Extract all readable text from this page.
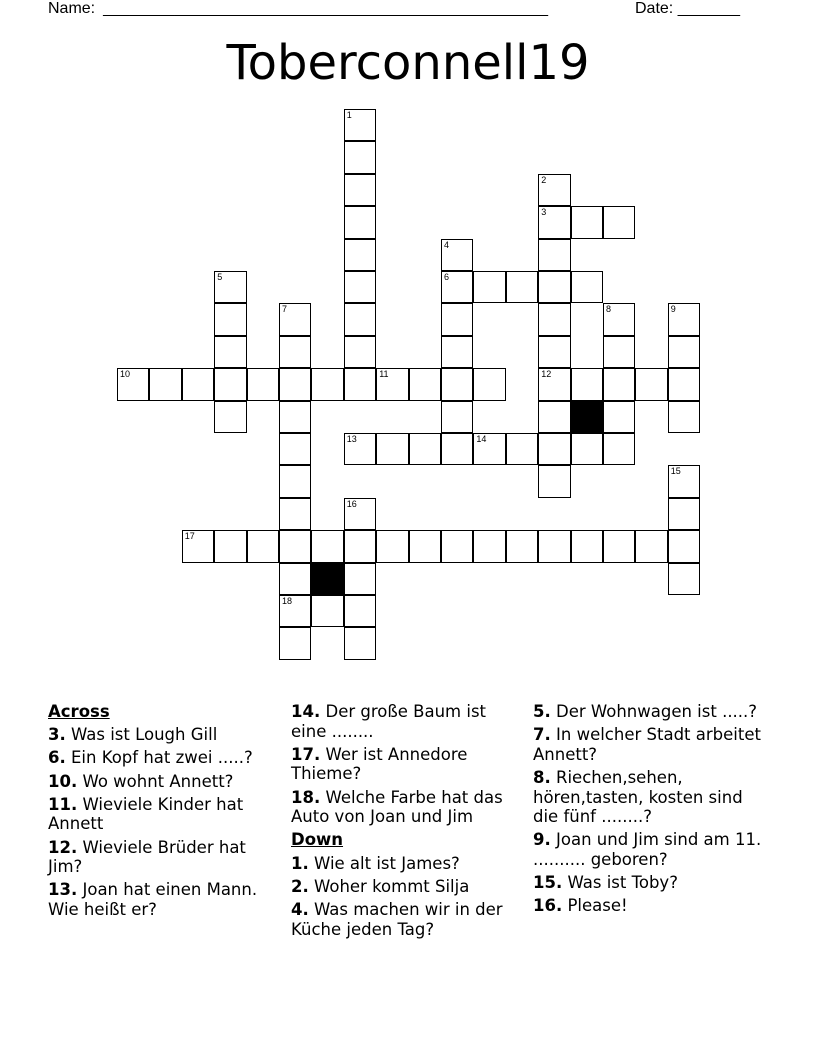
Name: __________________________________________________	Date: _______
Toberconnell19
1
2
3
12
4
6
5
7
18
8	9
10	11
13	14
15
16
17
Across
3. Was ist Lough Gill
6. Ein Kopf hat zwei .....?
10. Wo wohnt Annett?
11. Wieviele Kinder hat Annett
12. Wieviele Brüder hat Jim?
13. Joan hat einen Mann. Wie heißt er?
14. Der große Baum ist eine ........
17. Wer ist Annedore Thieme?
18. Welche Farbe hat das Auto von Joan und Jim
Down
1. Wie alt ist James?
2. Woher kommt Silja
4. Was machen wir in der Küche jeden Tag?
5. Der Wohnwagen ist .....?
7. In welcher Stadt arbeitet Annett?
8. Riechen,sehen, hören,tasten, kosten sind die fünf ........?
9. Joan und Jim sind am 11. .......... geboren?
15. Was ist Toby?
16. Please!
